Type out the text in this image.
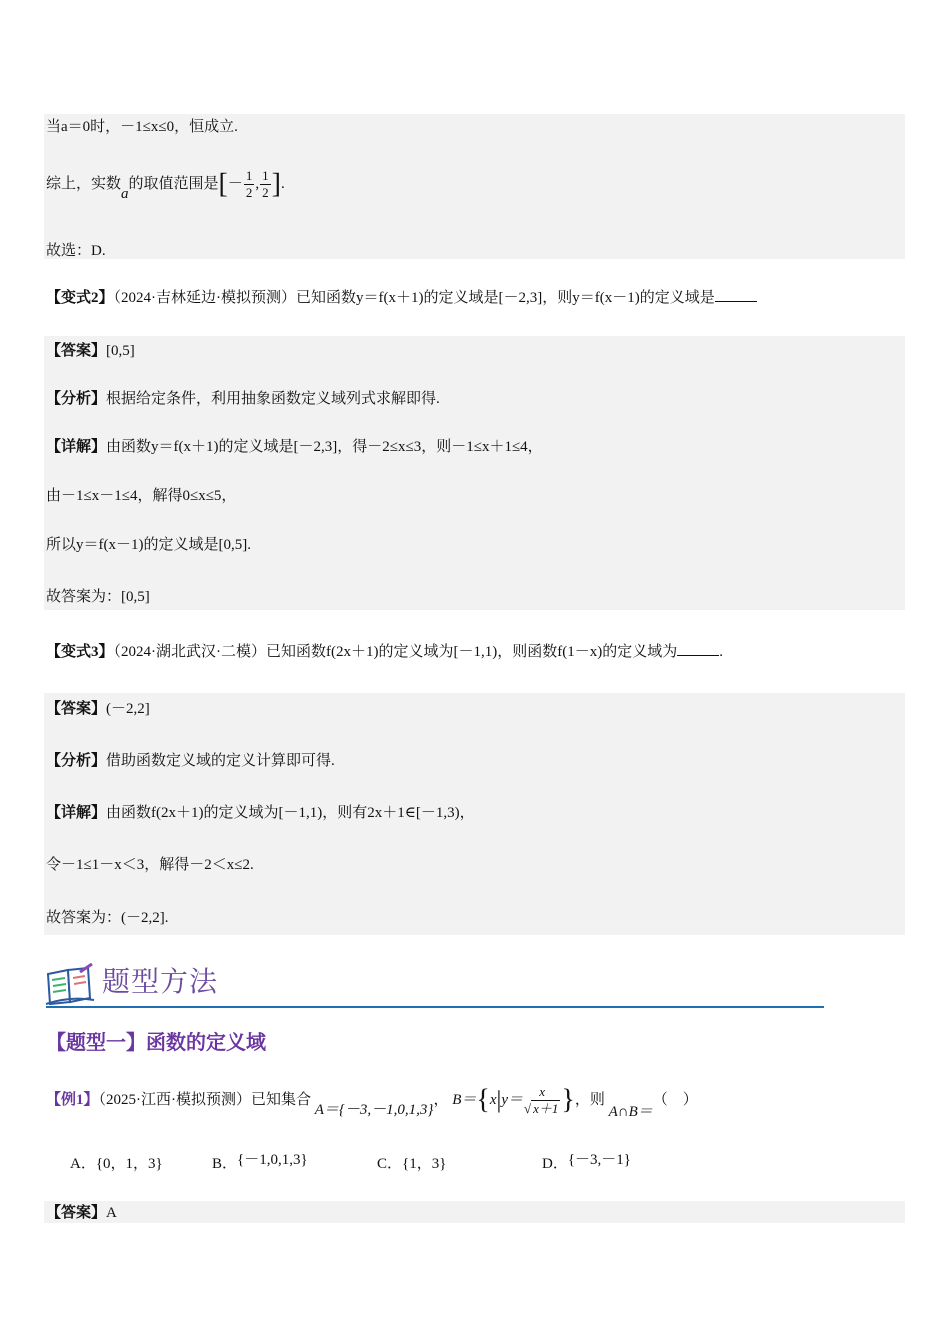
当a＝0时，－1≤x≤0，恒成立.
综上，实数a的取值范围是[－ $\frac{1}{2}$ , $\frac{1}{2}$ ].
故选：D.
【变式2】（2024·吉林延边·模拟预测）已知函数y＝f(x＋1)的定义域是[－2,3]，则y＝f(x－1)的定义域是
【答案】[0,5]
【分析】根据给定条件，利用抽象函数定义域列式求解即得.
【详解】由函数y＝f(x＋1)的定义域是[－2,3]，得－2≤x≤3，则－1≤x＋1≤4，
由－1≤x－1≤4，解得0≤x≤5，
所以y＝f(x－1)的定义域是[0,5].
故答案为：[0,5]
【变式3】（2024·湖北武汉·二模）已知函数f(2x＋1)的定义域为[－1,1)，则函数f(1－x)的定义域为	.
【答案】(－2,2]
【分析】借助函数定义域的定义计算即可得.
【详解】由函数f(2x＋1)的定义域为[－1,1)，则有2x＋1∈[－1,3)，
令－1≤1－x＜3，解得－2＜x≤2.
故答案为：(－2,2].
题型方法
【题型一】函数的定义域
【例1】（2025·江西·模拟预测）已知集合 A＝{－3,－1,0,1,3}， $B=\{x|y= \frac{x}{√ x+1}$ }，则 A∩B＝（　）
A．{0，1，3}	B．{－1,0,1,3}	C．{1，3}	D．{－3,－1}
【答案】A
